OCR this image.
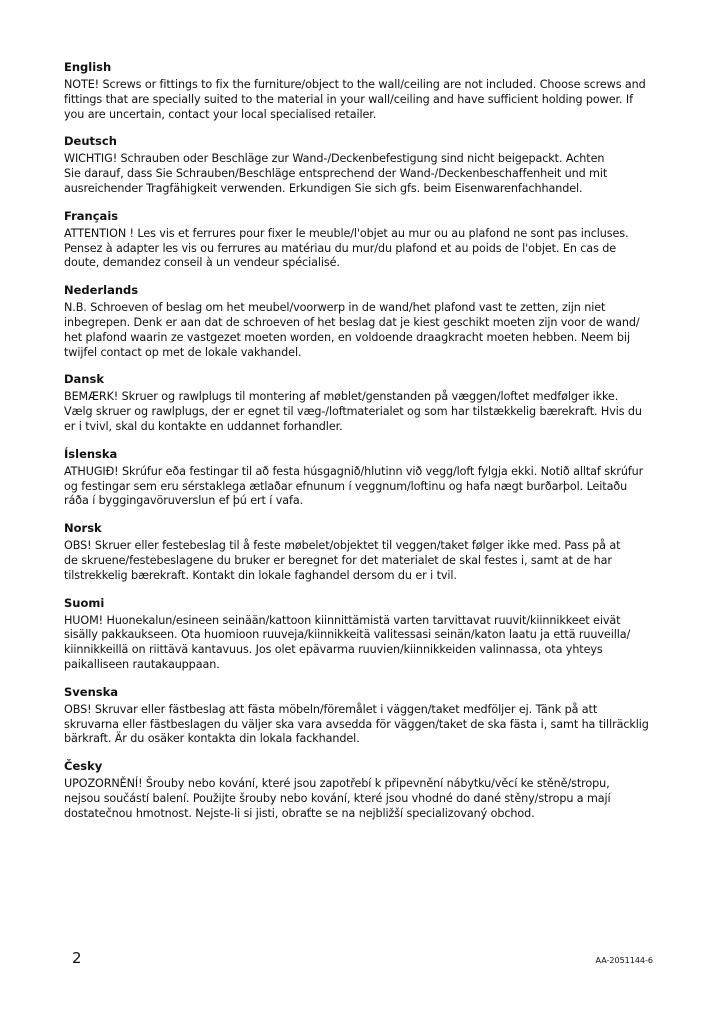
English

NOTE! Screws or fittings to fix the furniture/object to the wall/ceiling are not included. Choose screws and
fittings that are specially suited to the material in your wall/ceiling and have sufficient holding power. If
you are uncertain, contact your local specialised retailer.

Deutsch

WICHTIG! Schrauben oder Beschläge zur Wand-/Deckenbefestigung sind nicht beigepackt. Achten
Sie darauf, dass Sie Schrauben/Beschläge entsprechend der Wand-/Deckenbeschaffenheit und mit
ausreichender Tragfähigkeit verwenden. Erkundigen Sie sich gfs. beim Eisenwarenfachhandel.

Français

ATTENTION ! Les vis et ferrures pour fixer le meuble/l'objet au mur ou au plafond ne sont pas incluses.
Pensez à adapter les vis ou ferrures au matériau du mur/du plafond et au poids de l'objet. En cas de
doute, demandez conseil à un vendeur spécialisé.

Nederlands

N.B. Schroeven of beslag om het meubel/voorwerp in de wand/het plafond vast te zetten, zijn niet
inbegrepen. Denk er aan dat de schroeven of het beslag dat je kiest geschikt moeten zijn voor de wand/
het plafond waarin ze vastgezet moeten worden, en voldoende draagkracht moeten hebben. Neem bij
twijfel contact op met de lokale vakhandel.

Dansk

BEMÆRK! Skruer og rawlplugs til montering af møblet/genstanden på væggen/loftet medfølger ikke.
Vælg skruer og rawlplugs, der er egnet til væg-/loftmaterialet og som har tilstækkelig bærekraft. Hvis du
er i tvivl, skal du kontakte en uddannet forhandler.

Íslenska

ATHUGIÐ! Skrúfur eða festingar til að festa húsgagnið/hlutinn við vegg/loft fylgja ekki. Notið alltaf skrúfur
og festingar sem eru sérstaklega ætlaðar efnunum í veggnum/loftinu og hafa nægt burðarþol. Leitaðu
ráða í byggingavöruverslun ef þú ert í vafa.

Norsk

OBS! Skruer eller festebeslag til å feste møbelet/objektet til veggen/taket følger ikke med. Pass på at
de skruene/festebeslagene du bruker er beregnet for det materialet de skal festes i, samt at de har
tilstrekkelig bærekraft. Kontakt din lokale faghandel dersom du er i tvil.

Suomi

HUOM! Huonekalun/esineen seinään/kattoon kiinnittämistä varten tarvittavat ruuvit/kiinnikkeet eivät
sisälly pakkaukseen. Ota huomioon ruuveja/kiinnikkeitä valitessasi seinän/katon laatu ja että ruuveilla/
kiinnikkeillä on riittävä kantavuus. Jos olet epävarma ruuvien/kiinnikkeiden valinnassa, ota yhteys
paikalliseen rautakauppaan.

Svenska

OBS! Skruvar eller fästbeslag att fästa möbeln/föremålet i väggen/taket medföljer ej. Tänk på att
skruvarna eller fästbeslagen du väljer ska vara avsedda för väggen/taket de ska fästa i, samt ha tillräcklig
bärkraft. Är du osäker kontakta din lokala fackhandel.

Česky

UPOZORNĚNÍ! Šrouby nebo kování, které jsou zapotřebí k připevnění nábytku/věcí ke stěně/stropu,
nejsou součástí balení. Použijte šrouby nebo kování, které jsou vhodné do dané stěny/stropu a mají
dostatečnou hmotnost. Nejste-li si jisti, obraťte se na nejbližší specializovaný obchod.

2	AA-2051144-6
